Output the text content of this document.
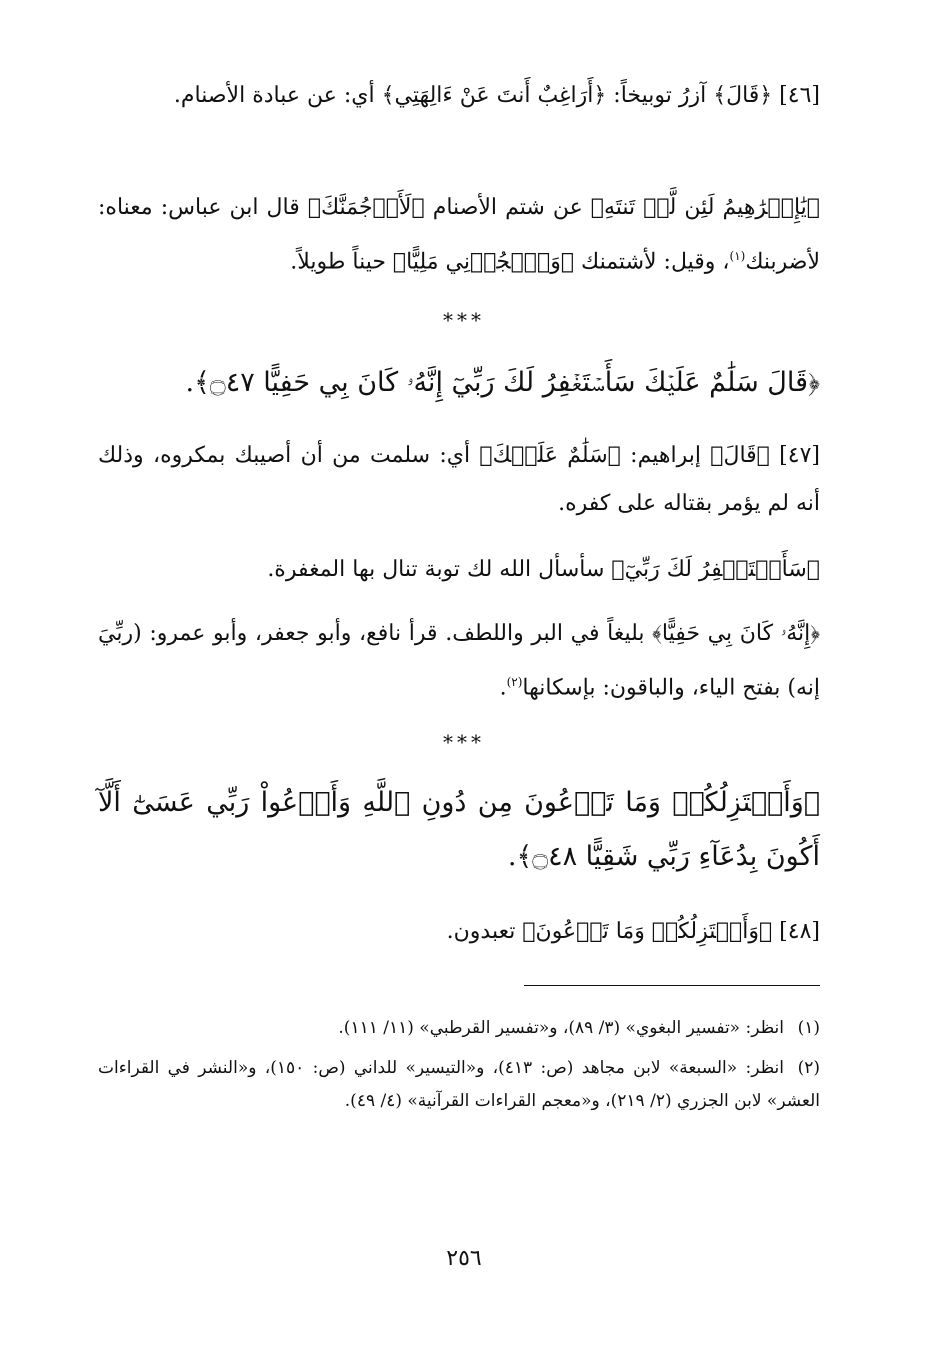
[٤٦] ﴿قَالَ﴾ آزرُ توبيخاً: ﴿أَرَاغِبٌ أَنتَ عَنْ ءَالِهَتِي﴾ أي: عن عبادة الأصنام.

﴿يَٰإِبۡرَٰهِيمُ لَئِن لَّمۡ تَنتَهِ﴾ عن شتم الأصنام ﴿لَأَرۡجُمَنَّكَ﴾ قال ابن عباس: معناه: لأضربنك$^{(١)}$، وقيل: لأشتمنك ﴿وَٱهۡجُرۡنِي مَلِيًّا﴾ حيناً طويلاً.

***

﴿قَالَ سَلَٰمٌ عَلَيۡكَ سَأَسۡتَغۡفِرُ لَكَ رَبِّيٓ إِنَّهُۥ كَانَ بِي حَفِيًّا ۝٤٧﴾.

[٤٧] ﴿قَالَ﴾ إبراهيم: ﴿سَلَٰمٌ عَلَيۡكَ﴾ أي: سلمت من أن أصيبك بمكروه، وذلك أنه لم يؤمر بقتاله على كفره.

﴿سَأَسۡتَغۡفِرُ لَكَ رَبِّيٓ﴾ سأسأل الله لك توبة تنال بها المغفرة.

﴿إِنَّهُۥ كَانَ بِي حَفِيًّا﴾ بليغاً في البر واللطف. قرأ نافع، وأبو جعفر، وأبو عمرو: (ربِّيَ إنه) بفتح الياء، والباقون: بإسكانها$^{(٢)}$.

***

﴿وَأَعۡتَزِلُكُمۡ وَمَا تَدۡعُونَ مِن دُونِ ٱللَّهِ وَأَدۡعُواْ رَبِّي عَسَىٰٓ أَلَّآ أَكُونَ بِدُعَآءِ رَبِّي شَقِيًّا ۝٤٨﴾.

[٤٨] ﴿وَأَعۡتَزِلُكُمۡ وَمَا تَدۡعُونَ﴾ تعبدون.

(١)انظر: «تفسير البغوي» (٣/ ٨٩)، و«تفسير القرطبي» (١١/ ١١١).

(٢)انظر: «السبعة» لابن مجاهد (ص: ٤١٣)، و«التيسير» للداني (ص: ١٥٠)، و«النشر في القراءات العشر» لابن الجزري (٢/ ٢١٩)، و«معجم القراءات القرآنية» (٤/ ٤٩).

٢٥٦
